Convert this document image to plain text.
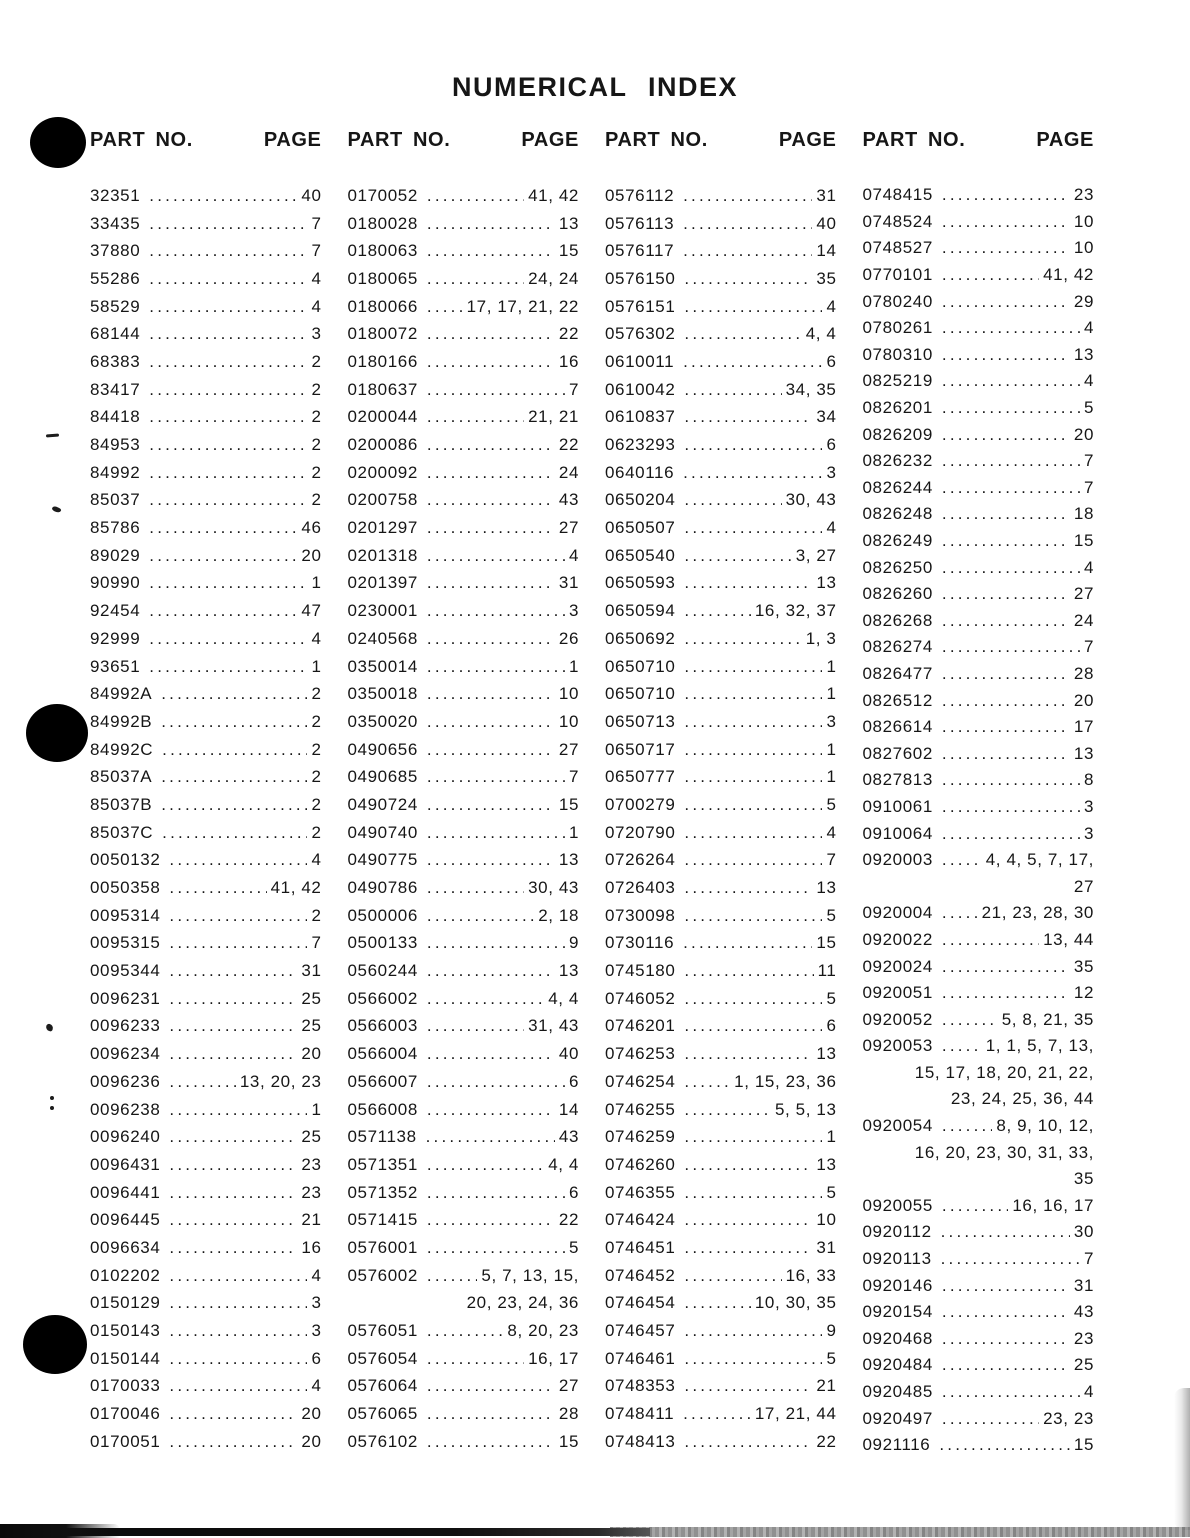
NUMERICAL INDEX
PART NO.	PAGE
32351 .....	40
33435 .....	7
37880 .....	7
55286 .....	4
58529 .....	4
68144 .....	3
68383 .....	2
83417 .....	2
84418 .....	2
84953 .....	2
84992 .....	2
85037 .....	2
85786 .....	46
89029 .....	20
90990 .....	1
92454 .....	47
92999 .....	4
93651 .....	1
84992A .....	2
84992B .....	2
84992C .....	2
85037A .....	2
85037B .....	2
85037C .....	2
0050132 .....	4
0050358 .....	41, 42
0095314 .....	2
0095315 .....	7
0095344 .....	31
0096231 .....	25
0096233 .....	25
0096234 .....	20
0096236 .....	13, 20, 23
0096238 .....	1
0096240 .....	25
0096431 .....	23
0096441 .....	23
0096445 .....	21
0096634 .....	16
0102202 .....	4
0150129 .....	3
0150143 .....	3
0150144 .....	6
0170033 .....	4
0170046 .....	20
0170051 .....	20
PART NO.	PAGE
0170052 .....	41, 42
0180028 .....	13
0180063 .....	15
0180065 .....	24, 24
0180066 .....	17, 17, 21, 22
0180072 .....	22
0180166 .....	16
0180637 .....	7
0200044 .....	21, 21
0200086 .....	22
0200092 .....	24
0200758 .....	43
0201297 .....	27
0201318 .....	4
0201397 .....	31
0230001 .....	3
0240568 .....	26
0350014 .....	1
0350018 .....	10
0350020 .....	10
0490656 .....	27
0490685 .....	7
0490724 .....	15
0490740 .....	1
0490775 .....	13
0490786 .....	30, 43
0500006 .....	2, 18
0500133 .....	9
0560244 .....	13
0566002 .....	4, 4
0566003 .....	31, 43
0566004 .....	40
0566007 .....	6
0566008 .....	14
0571138 .....	43
0571351 .....	4, 4
0571352 .....	6
0571415 .....	22
0576001 .....	5
0576002 .....	5, 7, 13, 15,
20, 23, 24, 36
0576051 .....	8, 20, 23
0576054 .....	16, 17
0576064 .....	27
0576065 .....	28
0576102 .....	15
PART NO.	PAGE
0576112 .....	31
0576113 .....	40
0576117 .....	14
0576150 .....	35
0576151 .....	4
0576302 .....	4, 4
0610011 .....	6
0610042 .....	34, 35
0610837 .....	34
0623293 .....	6
0640116 .....	3
0650204 .....	30, 43
0650507 .....	4
0650540 .....	3, 27
0650593 .....	13
0650594 .....	16, 32, 37
0650692 .....	1, 3
0650710 .....	1
0650710 .....	1
0650713 .....	3
0650717 .....	1
0650777 .....	1
0700279 .....	5
0720790 .....	4
0726264 .....	7
0726403 .....	13
0730098 .....	5
0730116 .....	15
0745180 .....	11
0746052 .....	5
0746201 .....	6
0746253 .....	13
0746254 .....	1, 15, 23, 36
0746255 .....	5, 5, 13
0746259 .....	1
0746260 .....	13
0746355 .....	5
0746424 .....	10
0746451 .....	31
0746452 .....	16, 33
0746454 .....	10, 30, 35
0746457 .....	9
0746461 .....	5
0748353 .....	21
0748411 .....	17, 21, 44
0748413 .....	22
PART NO.	PAGE
0748415 .....	23
0748524 .....	10
0748527 .....	10
0770101 .....	41, 42
0780240 .....	29
0780261 .....	4
0780310 .....	13
0825219 .....	4
0826201 .....	5
0826209 .....	20
0826232 .....	7
0826244 .....	7
0826248 .....	18
0826249 .....	15
0826250 .....	4
0826260 .....	27
0826268 .....	24
0826274 .....	7
0826477 .....	28
0826512 .....	20
0826614 .....	17
0827602 .....	13
0827813 .....	8
0910061 .....	3
0910064 .....	3
0920003 .....	4, 4, 5, 7, 17,
27
0920004 .....	21, 23, 28, 30
0920022 .....	13, 44
0920024 .....	35
0920051 .....	12
0920052 .....	5, 8, 21, 35
0920053 .....	1, 1, 5, 7, 13,
15, 17, 18, 20, 21, 22,
23, 24, 25, 36, 44
0920054 .....	8, 9, 10, 12,
16, 20, 23, 30, 31, 33,
35
0920055 .....	16, 16, 17
0920112 .....	30
0920113 .....	7
0920146 .....	31
0920154 .....	43
0920468 .....	23
0920484 .....	25
0920485 .....	4
0920497 .....	23, 23
0921116 .....	15
